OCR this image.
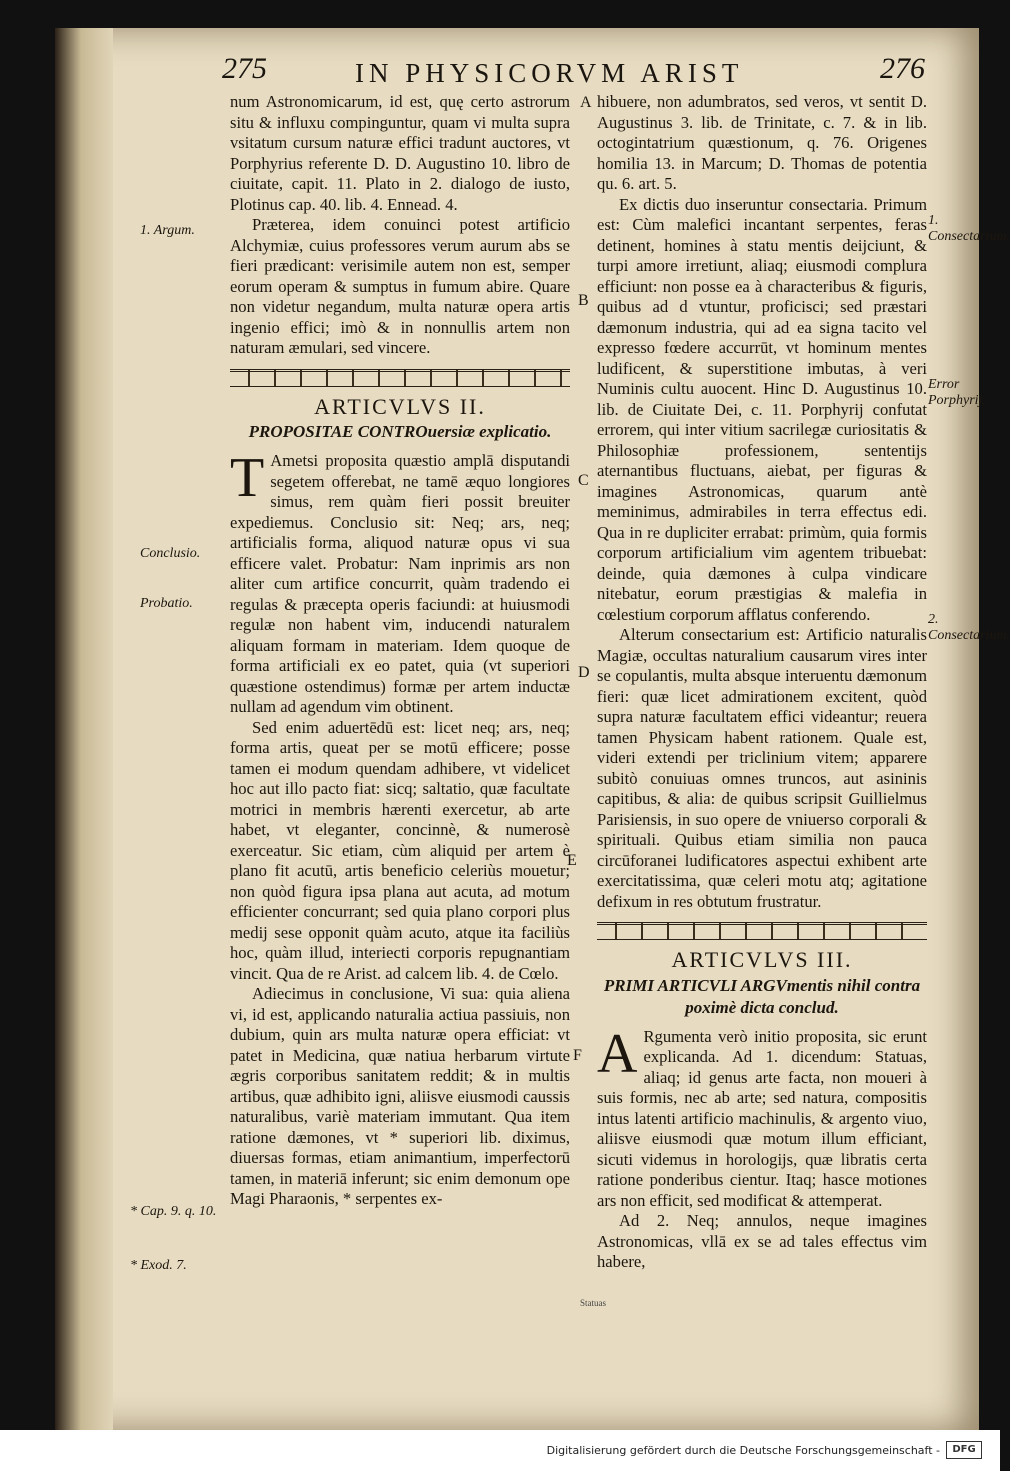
275	IN PHYSICORVM ARIST	276

num Astronomicarum, id est, quę certo astrorum situ & influxu compinguntur, quam vi multa supra vsitatum cursum naturæ effici tradunt auctores, vt Porphyrius referente D. D. Augustino 10. libro de ciuitate, capit. 11. Plato in 2. dialogo de iusto, Plotinus cap. 40. lib. 4. Ennead. 4.

Præterea, idem conuinci potest artificio Alchymiæ, cuius professores verum aurum abs se fieri prædicant: verisimile autem non est, semper eorum operam & sumptus in fumum abire. Quare non videtur negandum, multa naturæ opera artis ingenio effici; imò & in nonnullis artem non naturam æmulari, sed vincere.

ARTICVLVS II.
PROPOSITAE CONTROuersiæ explicatio.

T Ametsi proposita quæstio amplā disputandi segetem offerebat, ne tamē æquo longiores simus, rem quàm fieri possit breuiter expediemus. Conclusio sit: Neq; ars, neq; artificialis forma, aliquod naturæ opus vi sua efficere valet. Probatur: Nam inprimis ars non aliter cum artifice concurrit, quàm tradendo ei regulas & præcepta operis faciundi: at huiusmodi regulæ non habent vim, inducendi naturalem aliquam formam in materiam. Idem quoque de forma artificiali ex eo patet, quia (vt superiori quæstione ostendimus) formæ per artem inductæ nullam ad agendum vim obtinent.

Sed enim aduertēdū est: licet neq; ars, neq; forma artis, queat per se motū efficere; posse tamen ei modum quendam adhibere, vt videlicet hoc aut illo pacto fiat: sicq; saltatio, quæ facultate motrici in membris hærenti exercetur, ab arte habet, vt eleganter, concinnè, & numerosè exerceatur. Sic etiam, cùm aliquid per artem è plano fit acutū, artis beneficio celeriùs mouetur; non quòd figura ipsa plana aut acuta, ad motum efficienter concurrant; sed quia plano corpori plus medij sese opponit quàm acuto, atque ita faciliùs hoc, quàm illud, interiecti corporis repugnantiam vincit. Qua de re Arist. ad calcem lib. 4. de Cœlo.

Adiecimus in conclusione, Vi sua: quia aliena vi, id est, applicando naturalia actiua passiuis, non dubium, quin ars multa naturæ opera efficiat: vt patet in Medicina, quæ natiua herbarum virtute ægris corporibus sanitatem reddit; & in multis artibus, quæ adhibito igni, aliisve eiusmodi caussis naturalibus, variè materiam immutant. Qua item ratione dæmones, vt * superiori lib. diximus, diuersas formas, etiam animantium, imperfectorū tamen, in materiā inferunt; sic enim demonum ope Magi Pharaonis, * serpentes ex-

hibuere, non adumbratos, sed veros, vt sentit D. Augustinus 3. lib. de Trinitate, c. 7. & in lib. octogintatrium quæstionum, q. 76. Origenes homilia 13. in Marcum; D. Thomas de potentia qu. 6. art. 5.

Ex dictis duo inseruntur consectaria. Primum est: Cùm malefici incantant serpentes, feras detinent, homines à statu mentis deijciunt, & turpi amore irretiunt, aliaq; eiusmodi complura efficiunt: non posse ea à characteribus & figuris, quibus ad d vtuntur, proficisci; sed præstari dæmonum industria, qui ad ea signa tacito vel expresso fœdere accurrūt, vt hominum mentes ludificent, & superstitione imbutas, à veri Numinis cultu auocent. Hinc D. Augustinus 10. lib. de Ciuitate Dei, c. 11. Porphyrij confutat errorem, qui inter vitium sacrilegæ curiositatis & Philosophiæ professionem, sententijs aternantibus fluctuans, aiebat, per figuras & imagines Astronomicas, quarum antè meminimus, admirabiles in terra effectus edi. Qua in re dupliciter errabat: primùm, quia formis corporum artificialium vim agentem tribuebat: deinde, quia dæmones à culpa vindicare nitebatur, eorum præstigias & malefia in cœlestium corporum afflatus conferendo.

Alterum consectarium est: Artificio naturalis Magiæ, occultas naturalium causarum vires inter se copulantis, multa absque interuentu dæmonum fieri: quæ licet admirationem excitent, quòd supra naturæ facultatem effici videantur; reuera tamen Physicam habent rationem. Quale est, videri extendi per triclinium vitem; apparere subitò conuiuas omnes truncos, aut asininis capitibus, & alia: de quibus scripsit Guillielmus Parisiensis, in suo opere de vniuerso corporali & spirituali. Quibus etiam similia non pauca circūforanei ludificatores aspectui exhibent arte exercitatissima, quæ celeri motu atq; agitatione defixum in res obtutum frustratur.

ARTICVLVS III.
PRIMI ARTICVLI ARGVmentis nihil contra poximè dicta conclud.

A Rgumenta verò initio proposita, sic erunt explicanda. Ad 1. dicendum: Statuas, aliaq; id genus arte facta, non moueri à suis formis, nec ab arte; sed natura, compositis intus latenti artificio machinulis, & argento viuo, aliisve eiusmodi quæ motum illum efficiant, sicuti videmus in horologijs, quæ libratis certa ratione ponderibus cientur. Itaq; hasce motiones ars non efficit, sed modificat & attemperat.

Ad 2. Neq; annulos, neque imagines Astronomicas, vllā ex se ad tales effectus vim habere,

A
B
C
D
E
F
1. Argum.
Conclusio.
Probatio.
* Cap. 9. q. 10.
* Exod. 7.
1. Consectarium.
Error Porphyrij.
2. Consectarium.
Statuas
Digitalisierung gefördert durch die Deutsche Forschungsgemeinschaft -	DFG
